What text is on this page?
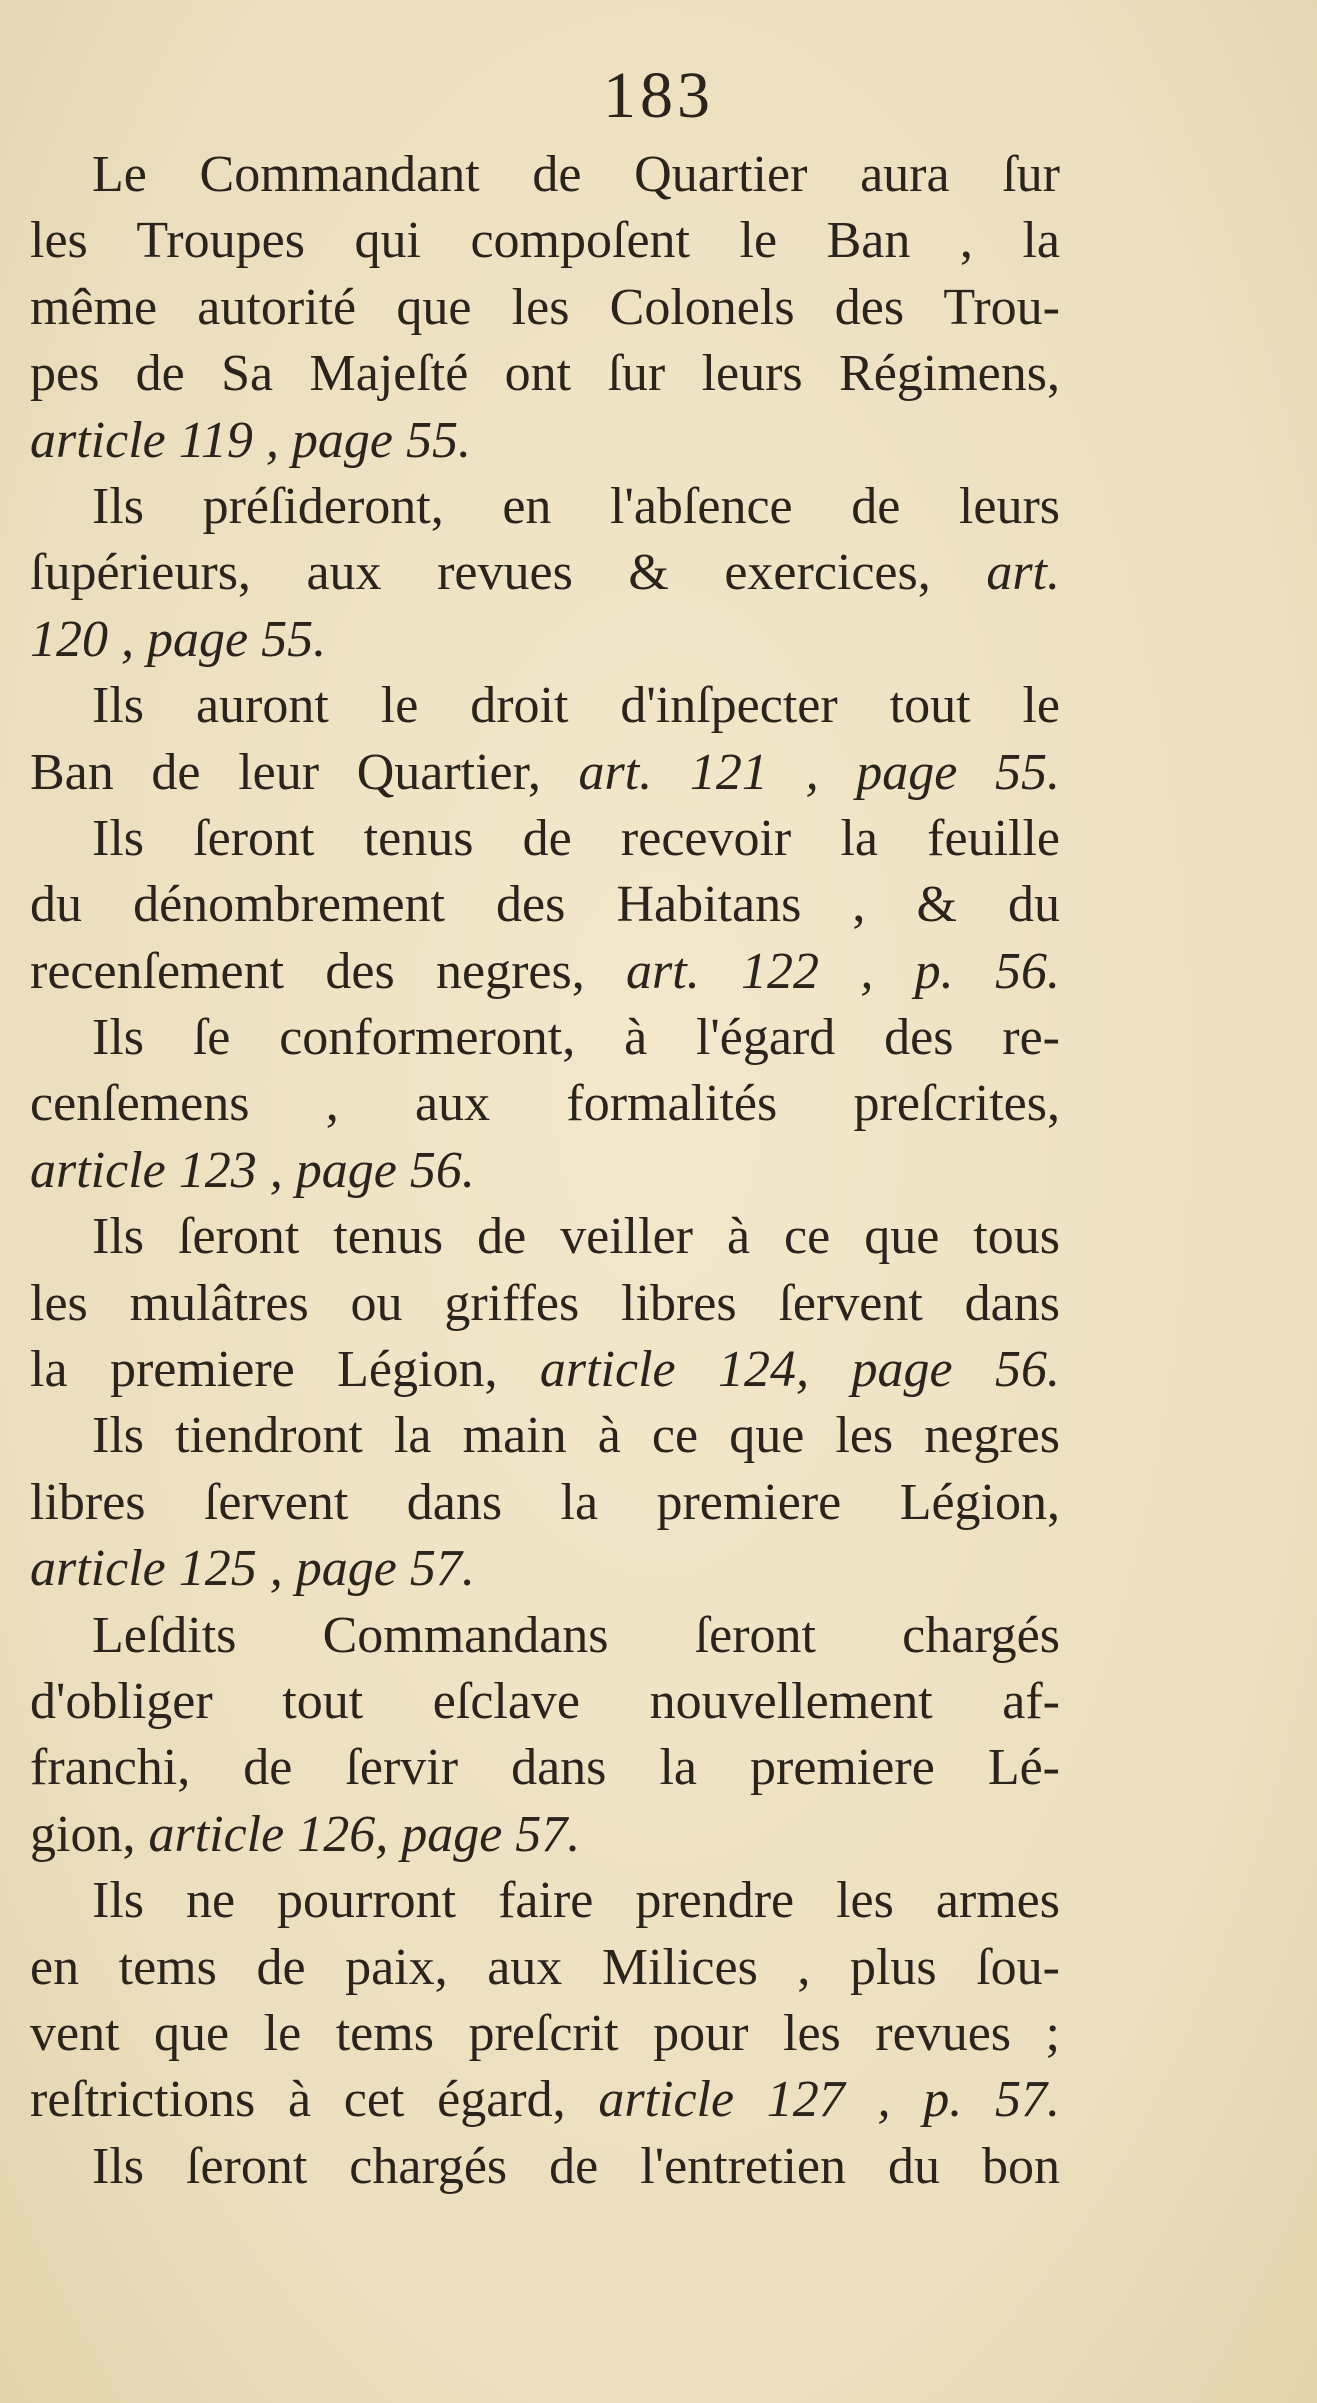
183
Le Commandant de Quartier aura ſur
les Troupes qui compoſent le Ban , la
même autorité que les Colonels des Trou-
pes de Sa Majeſté ont ſur leurs Régimens,
article 119 , page 55.
Ils préſideront, en l'abſence de leurs
ſupérieurs, aux revues & exercices, art.
120 , page 55.
Ils auront le droit d'inſpecter tout le
Ban de leur Quartier, art. 121 , page 55.
Ils ſeront tenus de recevoir la feuille
du dénombrement des Habitans , & du
recenſement des negres, art. 122 , p. 56.
Ils ſe conformeront, à l'égard des re-
cenſemens , aux formalités preſcrites,
article 123 , page 56.
Ils ſeront tenus de veiller à ce que tous
les mulâtres ou griffes libres ſervent dans
la premiere Légion, article 124, page 56.
Ils tiendront la main à ce que les negres
libres ſervent dans la premiere Légion,
article 125 , page 57.
Leſdits Commandans ſeront chargés
d'obliger tout eſclave nouvellement af-
franchi, de ſervir dans la premiere Lé-
gion, article 126, page 57.
Ils ne pourront faire prendre les armes
en tems de paix, aux Milices , plus ſou-
vent que le tems preſcrit pour les revues ;
reſtrictions à cet égard, article 127 , p. 57.
Ils ſeront chargés de l'entretien du bon
